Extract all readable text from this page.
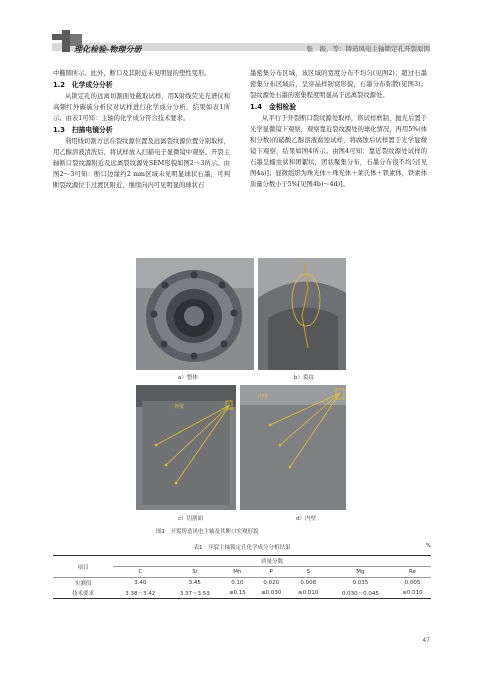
理化检验-物理分册	张　振，等：铸造风电主轴锁定孔开裂原因

中椭圆所示。此外，断口及其附近未见明显的塑性变形。

1.2　化学成分分析

从锁定孔的远离切割面处截取试样，用X射线荧光光谱仪和高频红外碳硫分析仪对试样进行化学成分分析，结果如表1所示。由表1可知：主轴的化学成分符合技术要求。

1.3　扫描电镜分析

利用线切割方法在裂纹源位置及远离裂纹源位置分别取样，用乙醇溶液清洗后，将试样放入扫描电子显微镜中观察。开裂主轴断口裂纹源附近及远离裂纹源处SEM形貌如图2～3所示。由图2～3可知：断口边缘约2 mm区域未见明显球状石墨，可判断裂纹源位于过渡区附近，继续向内可见明显的球状石

墨密集分布区域，该区域的宽度分布不均匀(见图2)；超过石墨密集分布区域后，呈穿晶样韧窝形貌，石墨分布弥散(见图3)。裂纹源处石墨的密集程度明显高于远离裂纹源处。

1.4　金相检验

从平行于开裂断口裂纹源处取样，将试样磨制、抛光后置于光学显微镜下观察，观察靠近裂纹源处的球化情况，再用5%(体积分数)的硝酸乙醇溶液腐蚀试样，将腐蚀后试样置于光学显微镜下观察，结果如图4所示。由图4可知：靠近裂纹源处试样的石墨呈蠕虫状和团絮状，团状聚集分布，石墨分布很不均匀[见图4a)]；显微组织为珠光体＋珠光体＋莱氏体＋铁素体，铁素体质量分数小于5%[见图4b)～4d)]。

a）整体	b）裂纹
外壁
c）切割面
内壁
d）内壁
图1　开裂铸造风电主轴及其断口宏观形貌
表1　开裂主轴锁定孔化学成分分析结果	%
项目	质量分数						
	C	Si	Mn	P	S	Mg	Re
实测值	3.40	3.45	0.10	0.020	0.008	0.035	0.005
技术要求	3.38～3.42	3.37～3.53	≤0.15	≤0.030	≤0.010	0.030～0.045	≤0.010
47
